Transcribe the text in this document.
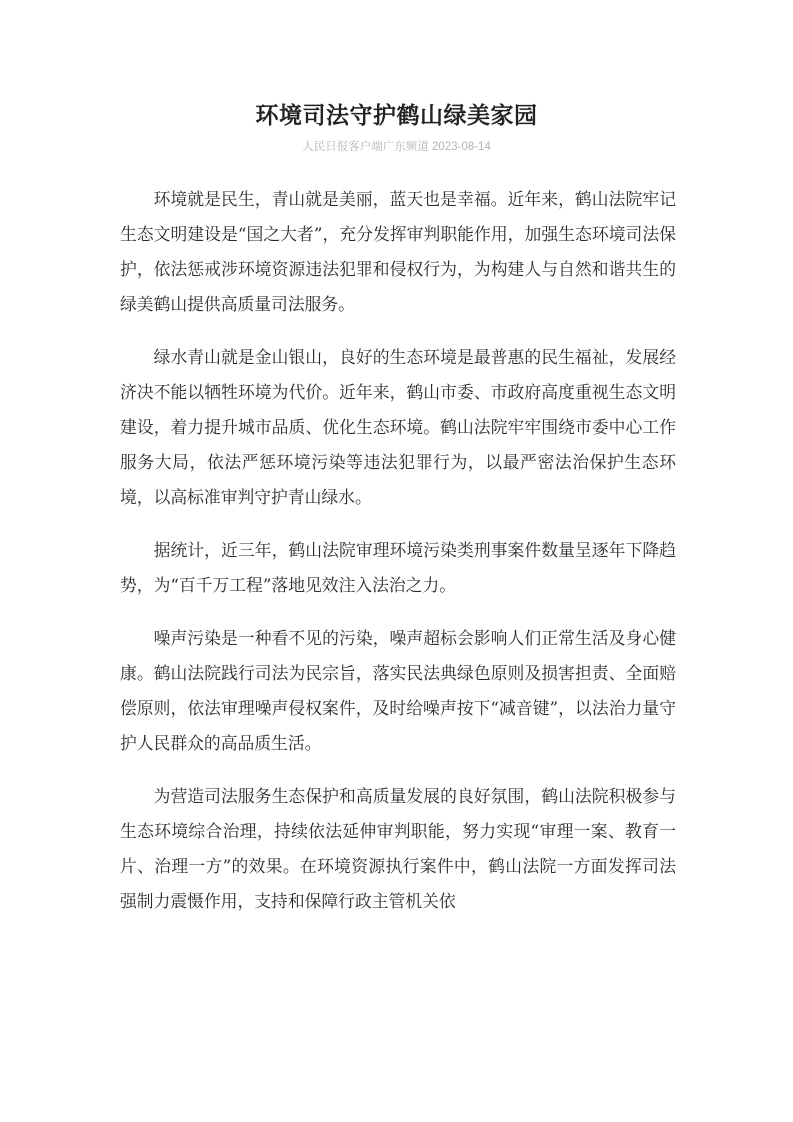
环境司法守护鹤山绿美家园
人民日报客户端广东频道 2023-08-14

环境就是民生，青山就是美丽，蓝天也是幸福。近年来，鹤山法院牢记生态文明建设是“国之大者”，充分发挥审判职能作用，加强生态环境司法保护，依法惩戒涉环境资源违法犯罪和侵权行为，为构建人与自然和谐共生的绿美鹤山提供高质量司法服务。

绿水青山就是金山银山，良好的生态环境是最普惠的民生福祉，发展经济决不能以牺牲环境为代价。近年来，鹤山市委、市政府高度重视生态文明建设，着力提升城市品质、优化生态环境。鹤山法院牢牢围绕市委中心工作服务大局，依法严惩环境污染等违法犯罪行为，以最严密法治保护生态环境，以高标准审判守护青山绿水。

据统计，近三年，鹤山法院审理环境污染类刑事案件数量呈逐年下降趋势，为“百千万工程”落地见效注入法治之力。

噪声污染是一种看不见的污染，噪声超标会影响人们正常生活及身心健康。鹤山法院践行司法为民宗旨，落实民法典绿色原则及损害担责、全面赔偿原则，依法审理噪声侵权案件，及时给噪声按下“减音键”，以法治力量守护人民群众的高品质生活。

为营造司法服务生态保护和高质量发展的良好氛围，鹤山法院积极参与生态环境综合治理，持续依法延伸审判职能，努力实现“审理一案、教育一片、治理一方”的效果。在环境资源执行案件中，鹤山法院一方面发挥司法强制力震慑作用，支持和保障行政主管机关依
